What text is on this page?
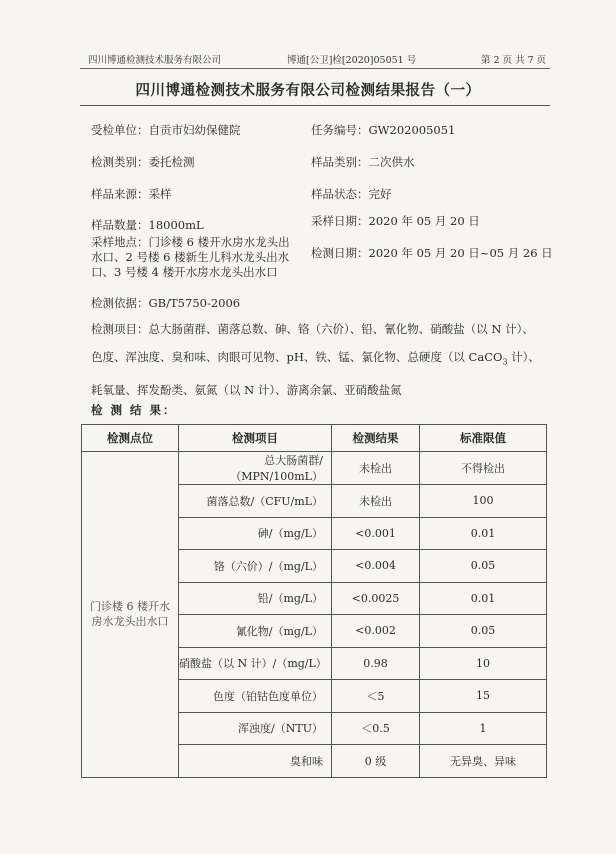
四川博通检测技术服务有限公司	博通[公卫]检[2020]05051 号	第 2 页 共 7 页
四川博通检测技术服务有限公司检测结果报告（一）
受检单位：自贡市妇幼保健院	任务编号：GW202005051
检测类别：委托检测	样品类别：二次供水
样品来源：采样	样品状态：完好
样品数量：18000mL	采样日期：2020 年 05 月 20 日
采样地点：门诊楼 6 楼开水房水龙头出
水口、2 号楼 6 楼新生儿科水龙头出水
口、3 号楼 4 楼开水房水龙头出水口
检测日期：2020 年 05 月 20 日~05 月 26 日
检测依据：GB/T5750-2006
检测项目：总大肠菌群、菌落总数、砷、铬（六价）、铅、氰化物、硝酸盐（以 N 计）、
色度、浑浊度、臭和味、肉眼可见物、pH、铁、锰、氯化物、总硬度（以 CaCO$_3$ 计）、
耗氧量、挥发酚类、氨氮（以 N 计）、游离余氯、亚硝酸盐氮
检 测 结 果：
检测点位	检测项目	检测结果	标准限值

门诊楼 6 楼开水
房水龙头出水口	总大肠菌群/（MPN/100mL）	未检出	不得检出
	菌落总数/（CFU/mL）	未检出	100
	砷/（mg/L）	<0.001	0.01
	铬（六价）/（mg/L）	<0.004	0.05
	铅/（mg/L）	<0.0025	0.01
	氰化物/（mg/L）	<0.002	0.05
	硝酸盐（以 N 计）/（mg/L）	0.98	10
	色度（铂钴色度单位）	＜5	15
	浑浊度/（NTU）	＜0.5	1
	臭和味	0 级	无异臭、异味
